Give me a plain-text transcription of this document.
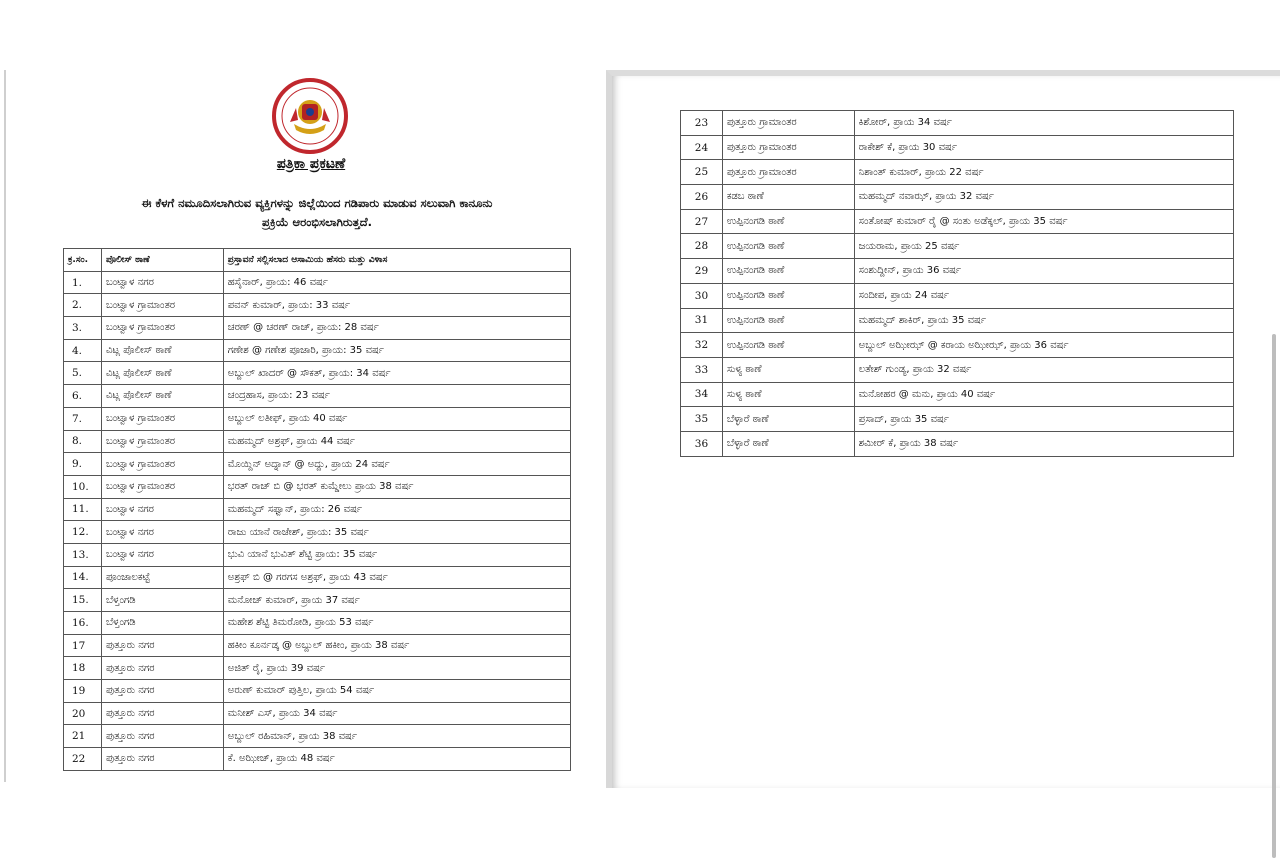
ಪತ್ರಿಕಾ ಪ್ರಕಟಣೆ
ಈ ಕೆಳಗೆ ನಮೂದಿಸಲಾಗಿರುವ ವ್ಯಕ್ತಿಗಳನ್ನು ಜಿಲ್ಲೆಯಿಂದ ಗಡಿಪಾರು ಮಾಡುವ ಸಲುವಾಗಿ ಕಾನೂನು
ಪ್ರಕ್ರಿಯೆ ಆರಂಭಿಸಲಾಗಿರುತ್ತದೆ.
ಕ್ರ.ಸಂ.	ಪೊಲೀಸ್ ಠಾಣೆ	ಪ್ರಸ್ತಾವನೆ ಸಲ್ಲಿಸಲಾದ ಆಸಾಮಿಯ ಹೆಸರು ಮತ್ತು ವಿಳಾಸ
1.	ಬಂಟ್ವಾಳ ನಗರ	ಹಸೈನಾರ್, ಪ್ರಾಯ: 46 ವರ್ಷ
2.	ಬಂಟ್ವಾಳ ಗ್ರಾಮಾಂತರ	ಪವನ್ ಕುಮಾರ್, ಪ್ರಾಯ: 33 ವರ್ಷ
3.	ಬಂಟ್ವಾಳ ಗ್ರಾಮಾಂತರ	ಚರಣ್ @ ಚರಣ್ ರಾಜ್, ಪ್ರಾಯ: 28 ವರ್ಷ
4.	ವಿಟ್ಲ ಪೊಲೀಸ್ ಠಾಣೆ	ಗಣೇಶ @ ಗಣೇಶ ಪೂಜಾರಿ, ಪ್ರಾಯ: 35 ವರ್ಷ
5.	ವಿಟ್ಲ ಪೊಲೀಸ್ ಠಾಣೆ	ಅಬ್ದುಲ್ ಖಾದರ್ @ ಸೌಕತ್, ಪ್ರಾಯ: 34 ವರ್ಷ
6.	ವಿಟ್ಲ ಪೊಲೀಸ್ ಠಾಣೆ	ಚಂದ್ರಹಾಸ, ಪ್ರಾಯ: 23 ವರ್ಷ
7.	ಬಂಟ್ವಾಳ ಗ್ರಾಮಾಂತರ	ಅಬ್ದುಲ್ ಲತೀಫ್, ಪ್ರಾಯ 40 ವರ್ಷ
8.	ಬಂಟ್ವಾಳ ಗ್ರಾಮಾಂತರ	ಮಹಮ್ಮದ್ ಅಶ್ರಫ್, ಪ್ರಾಯ 44 ವರ್ಷ
9.	ಬಂಟ್ವಾಳ ಗ್ರಾಮಾಂತರ	ಮೊಯ್ದಿನ್ ಅದ್ನಾನ್ @ ಅದ್ದು, ಪ್ರಾಯ 24 ವರ್ಷ
10.	ಬಂಟ್ವಾಳ ಗ್ರಾಮಾಂತರ	ಭರತ್ ರಾಜ್ ಬಿ @ ಭರತ್ ಕುಮ್ಡೇಲು ಪ್ರಾಯ 38 ವರ್ಷ
11.	ಬಂಟ್ವಾಳ ನಗರ	ಮಹಮ್ಮದ್ ಸಫ್ವಾನ್, ಪ್ರಾಯ: 26 ವರ್ಷ
12.	ಬಂಟ್ವಾಳ ನಗರ	ರಾಜು ಯಾನೆ ರಾಜೇಶ್, ಪ್ರಾಯ: 35 ವರ್ಷ
13.	ಬಂಟ್ವಾಳ ನಗರ	ಭುವಿ ಯಾನೆ ಭುವಿತ್ ಶೆಟ್ಟಿ ಪ್ರಾಯ: 35 ವರ್ಷ
14.	ಪೂಂಜಾಲಕಟ್ಟೆ	ಅಶ್ರಫ್ ಬಿ @ ಗರಗಸ ಅಶ್ರಫ್, ಪ್ರಾಯ 43 ವರ್ಷ
15.	ಬೆಳ್ತಂಗಡಿ	ಮನೋಜ್ ಕುಮಾರ್, ಪ್ರಾಯ 37 ವರ್ಷ
16.	ಬೆಳ್ತಂಗಡಿ	ಮಹೇಶ ಶೆಟ್ಟಿ ತಿಮರೋಡಿ, ಪ್ರಾಯ 53 ವರ್ಷ
17	ಪುತ್ತೂರು ನಗರ	ಹಕೀಂ ಕೂರ್ನಡ್ಕ @ ಅಬ್ದುಲ್ ಹಕೀಂ, ಪ್ರಾಯ 38 ವರ್ಷ
18	ಪುತ್ತೂರು ನಗರ	ಅಜಿತ್ ರೈ, ಪ್ರಾಯ 39 ವರ್ಷ
19	ಪುತ್ತೂರು ನಗರ	ಅರುಣ್ ಕುಮಾರ್ ಪುತ್ತಿಲ, ಪ್ರಾಯ 54 ವರ್ಷ
20	ಪುತ್ತೂರು ನಗರ	ಮನೀಶ್ ಎಸ್, ಪ್ರಾಯ 34 ವರ್ಷ
21	ಪುತ್ತೂರು ನಗರ	ಅಬ್ದುಲ್ ರಹಿಮಾನ್, ಪ್ರಾಯ 38 ವರ್ಷ
22	ಪುತ್ತೂರು ನಗರ	ಕೆ. ಅಝೀಜ್, ಪ್ರಾಯ 48 ವರ್ಷ
23	ಪುತ್ತೂರು ಗ್ರಾಮಾಂತರ	ಕಿಶೋರ್, ಪ್ರಾಯ 34 ವರ್ಷ
24	ಪುತ್ತೂರು ಗ್ರಾಮಾಂತರ	ರಾಕೇಶ್ ಕೆ, ಪ್ರಾಯ 30 ವರ್ಷ
25	ಪುತ್ತೂರು ಗ್ರಾಮಾಂತರ	ನಿಶಾಂತ್ ಕುಮಾರ್, ಪ್ರಾಯ 22 ವರ್ಷ
26	ಕಡಬ ಠಾಣೆ	ಮಹಮ್ಮದ್ ನವಾಝ್, ಪ್ರಾಯ 32 ವರ್ಷ
27	ಉಪ್ಪಿನಂಗಡಿ ಠಾಣೆ	ಸಂತೋಷ್ ಕುಮಾರ್ ರೈ @ ಸಂತು ಅಡೆಕ್ಕಲ್, ಪ್ರಾಯ 35 ವರ್ಷ
28	ಉಪ್ಪಿನಂಗಡಿ ಠಾಣೆ	ಜಯರಾಮ, ಪ್ರಾಯ 25 ವರ್ಷ
29	ಉಪ್ಪಿನಂಗಡಿ ಠಾಣೆ	ಸಂಶುದ್ದೀನ್, ಪ್ರಾಯ 36 ವರ್ಷ
30	ಉಪ್ಪಿನಂಗಡಿ ಠಾಣೆ	ಸಂದೀಪ, ಪ್ರಾಯ 24 ವರ್ಷ
31	ಉಪ್ಪಿನಂಗಡಿ ಠಾಣೆ	ಮಹಮ್ಮದ್ ಶಾಕಿರ್, ಪ್ರಾಯ 35 ವರ್ಷ
32	ಉಪ್ಪಿನಂಗಡಿ ಠಾಣೆ	ಅಬ್ದುಲ್ ಅಝೀಝ್ @ ಕರಾಯ ಅಝೀಝ್, ಪ್ರಾಯ 36 ವರ್ಷ
33	ಸುಳ್ಯ ಠಾಣೆ	ಲತೇಶ್ ಗುಂಡ್ಯ, ಪ್ರಾಯ 32 ವರ್ಷ
34	ಸುಳ್ಯ ಠಾಣೆ	ಮನೋಹರ @ ಮನು, ಪ್ರಾಯ 40 ವರ್ಷ
35	ಬೆಳ್ಳಾರೆ ಠಾಣೆ	ಪ್ರಸಾದ್, ಪ್ರಾಯ 35 ವರ್ಷ
36	ಬೆಳ್ಳಾರೆ ಠಾಣೆ	ಶಮೀರ್ ಕೆ, ಪ್ರಾಯ 38 ವರ್ಷ
